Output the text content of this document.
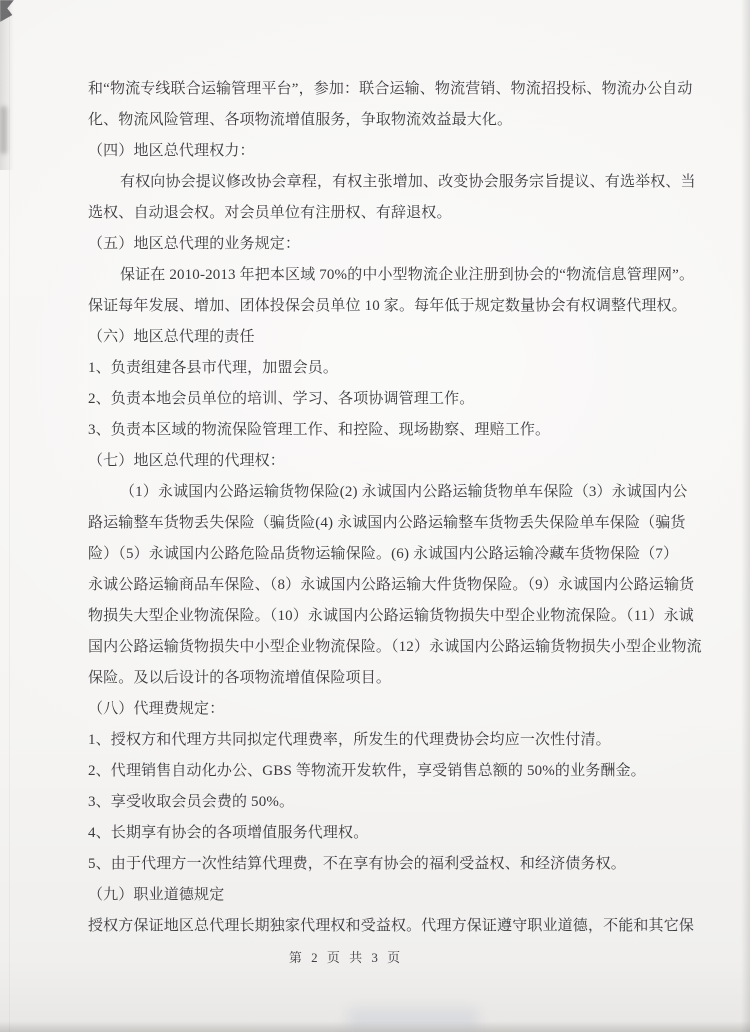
和“物流专线联合运输管理平台”，参加：联合运输、物流营销、物流招投标、物流办公自动
化、物流风险管理、各项物流增值服务，争取物流效益最大化。
（四）地区总代理权力：
有权向协会提议修改协会章程，有权主张增加、改变协会服务宗旨提议、有选举权、当
选权、自动退会权。对会员单位有注册权、有辞退权。
（五）地区总代理的业务规定：
保证在 2010-2013 年把本区域 70%的中小型物流企业注册到协会的“物流信息管理网”。
保证每年发展、增加、团体投保会员单位 10 家。每年低于规定数量协会有权调整代理权。
（六）地区总代理的责任
1、负责组建各县市代理，加盟会员。
2、负责本地会员单位的培训、学习、各项协调管理工作。
3、负责本区域的物流保险管理工作、和控险、现场勘察、理赔工作。
（七）地区总代理的代理权：
（1）永诚国内公路运输货物保险(2) 永诚国内公路运输货物单车保险（3）永诚国内公
路运输整车货物丢失保险（骗货险(4) 永诚国内公路运输整车货物丢失保险单车保险（骗货
险）（5）永诚国内公路危险品货物运输保险。(6) 永诚国内公路运输冷藏车货物保险（7）
永诚公路运输商品车保险、（8）永诚国内公路运输大件货物保险。（9）永诚国内公路运输货
物损失大型企业物流保险。（10）永诚国内公路运输货物损失中型企业物流保险。（11）永诚
国内公路运输货物损失中小型企业物流保险。（12）永诚国内公路运输货物损失小型企业物流
保险。及以后设计的各项物流增值保险项目。
（八）代理费规定：
1、授权方和代理方共同拟定代理费率，所发生的代理费协会均应一次性付清。
2、代理销售自动化办公、GBS 等物流开发软件，享受销售总额的 50%的业务酬金。
3、享受收取会员会费的 50%。
4、长期享有协会的各项增值服务代理权。
5、由于代理方一次性结算代理费，不在享有协会的福利受益权、和经济债务权。
（九）职业道德规定
授权方保证地区总代理长期独家代理权和受益权。代理方保证遵守职业道德，不能和其它保
第 2 页 共 3 页
